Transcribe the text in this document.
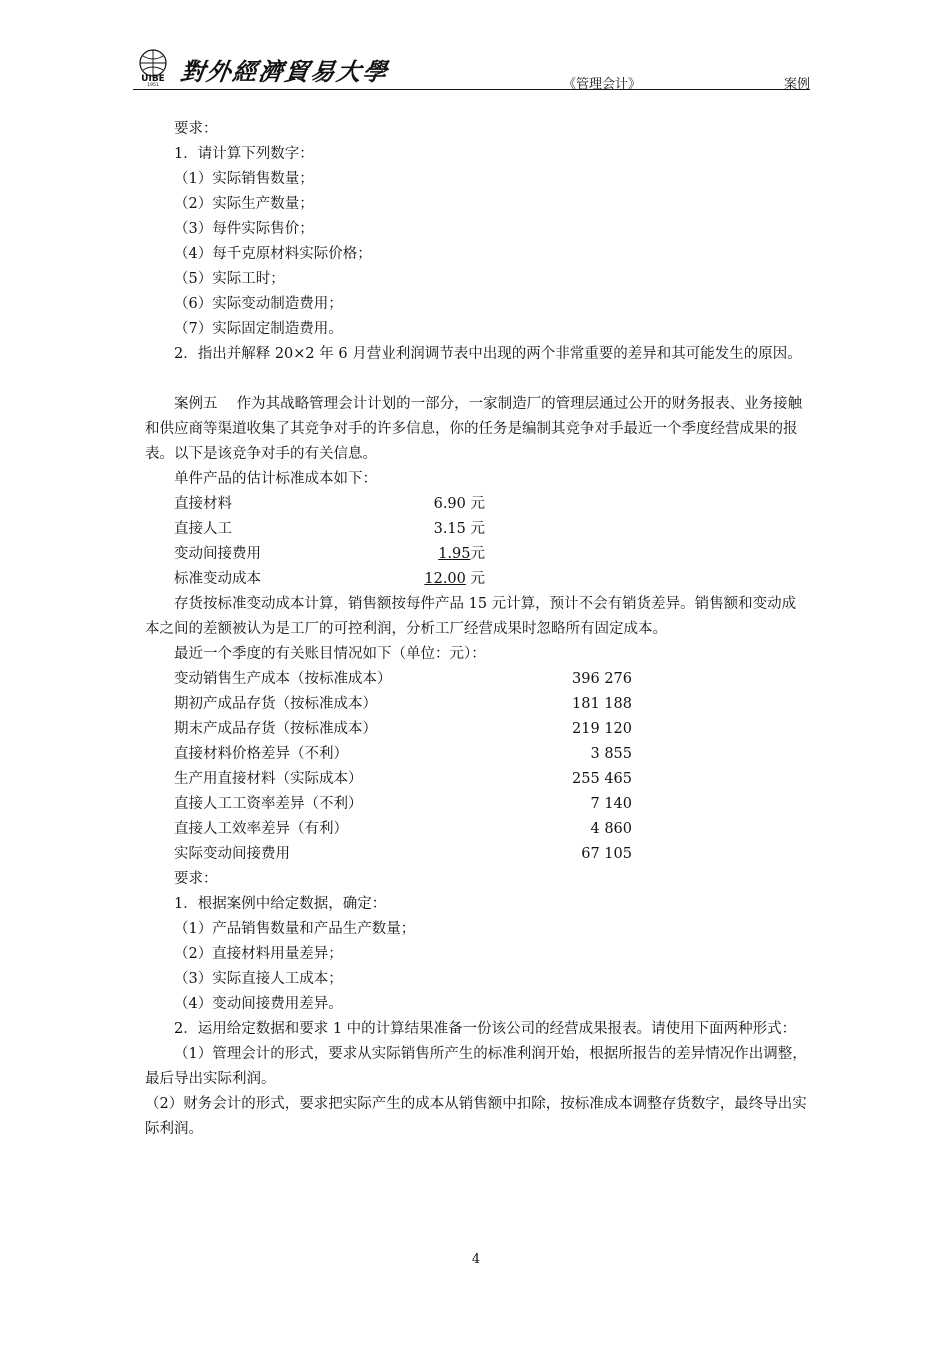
UIBE
1951 對外經濟貿易大學	《管理会计》	案例
要求：
1．请计算下列数字：
（1）实际销售数量；
（2）实际生产数量；
（3）每件实际售价；
（4）每千克原材料实际价格；
（5）实际工时；
（6）实际变动制造费用；
（7）实际固定制造费用。

2．指出并解释 20×2 年 6 月营业利润调节表中出现的两个非常重要的差异和其可能发生的原因。

案例五　 作为其战略管理会计计划的一部分，一家制造厂的管理层通过公开的财务报表、业务接触和供应商等渠道收集了其竞争对手的许多信息，你的任务是编制其竞争对手最近一个季度经营成果的报表。以下是该竞争对手的有关信息。

单件产品的估计标准成本如下：
直接材料	6.90 元
直接人工	3.15 元
变动间接费用	1.95元
标准变动成本	12.00 元

存货按标准变动成本计算，销售额按每件产品 15 元计算，预计不会有销货差异。销售额和变动成本之间的差额被认为是工厂的可控利润，分析工厂经营成果时忽略所有固定成本。

最近一个季度的有关账目情况如下（单位：元）：
变动销售生产成本（按标准成本）	396 276
期初产成品存货（按标准成本）	181 188
期末产成品存货（按标准成本）	219 120
直接材料价格差异（不利）	3 855
生产用直接材料（实际成本）	255 465
直接人工工资率差异（不利）	7 140
直接人工效率差异（有利）	4 860
实际变动间接费用	67 105
要求：
1．根据案例中给定数据，确定：
（1）产品销售数量和产品生产数量；
（2）直接材料用量差异；
（3）实际直接人工成本；
（4）变动间接费用差异。

2．运用给定数据和要求 1 中的计算结果准备一份该公司的经营成果报表。请使用下面两种形式：

（1）管理会计的形式，要求从实际销售所产生的标准利润开始，根据所报告的差异情况作出调整，最后导出实际利润。

（2）财务会计的形式，要求把实际产生的成本从销售额中扣除，按标准成本调整存货数字，最终导出实际利润。

4
